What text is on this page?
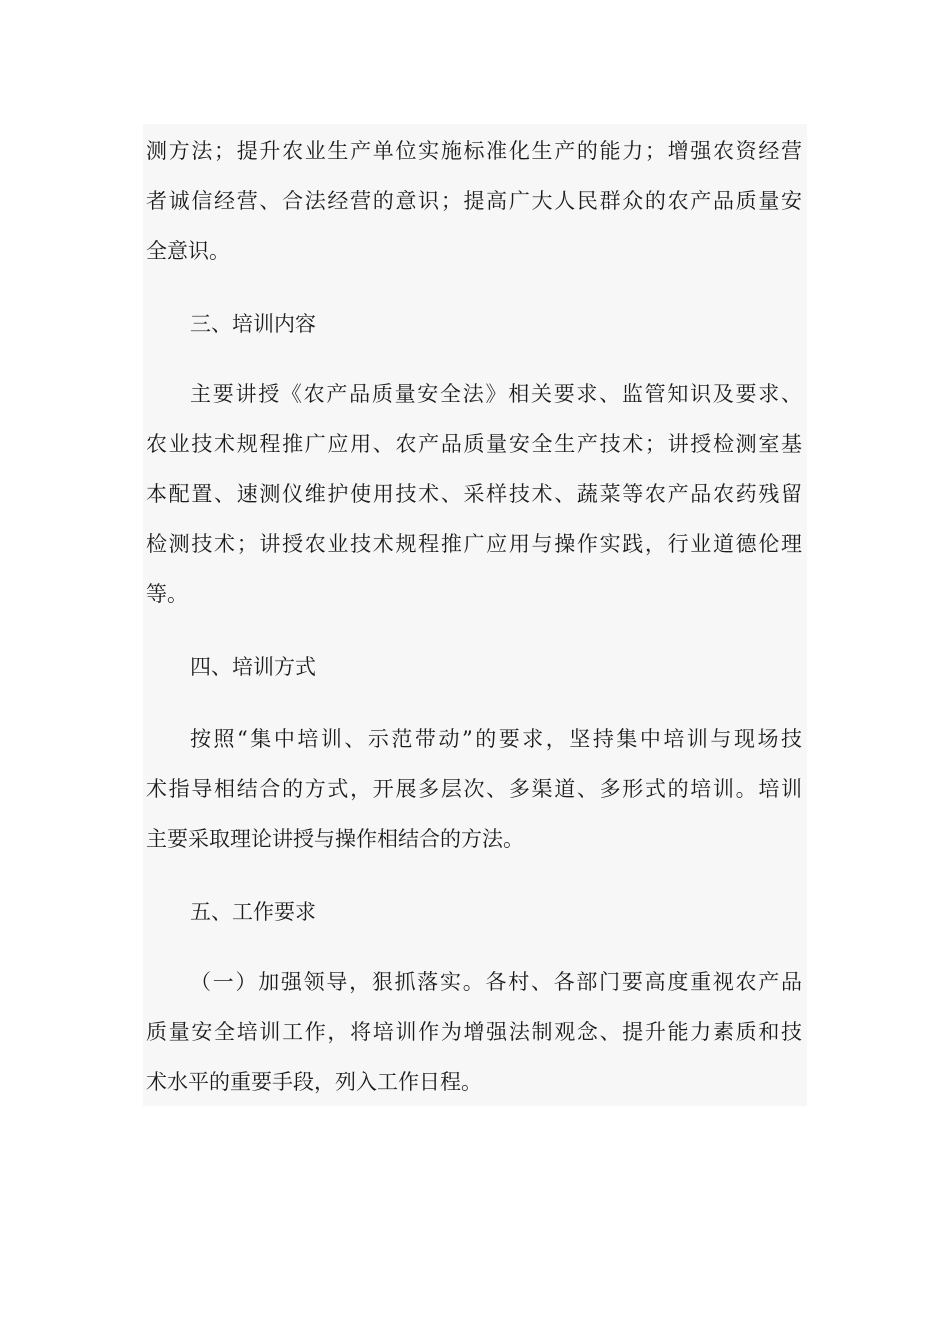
测方法；提升农业生产单位实施标准化生产的能力；增强农资经营
者诚信经营、合法经营的意识；提高广大人民群众的农产品质量安
全意识。
三、培训内容
主要讲授《农产品质量安全法》相关要求、监管知识及要求、
农业技术规程推广应用、农产品质量安全生产技术；讲授检测室基
本配置、速测仪维护使用技术、采样技术、蔬菜等农产品农药残留
检测技术；讲授农业技术规程推广应用与操作实践，行业道德伦理
等。
四、培训方式
按照“集中培训、示范带动”的要求，坚持集中培训与现场技
术指导相结合的方式，开展多层次、多渠道、多形式的培训。培训
主要采取理论讲授与操作相结合的方法。
五、工作要求
（一）加强领导，狠抓落实。各村、各部门要高度重视农产品
质量安全培训工作，将培训作为增强法制观念、提升能力素质和技
术水平的重要手段，列入工作日程。
